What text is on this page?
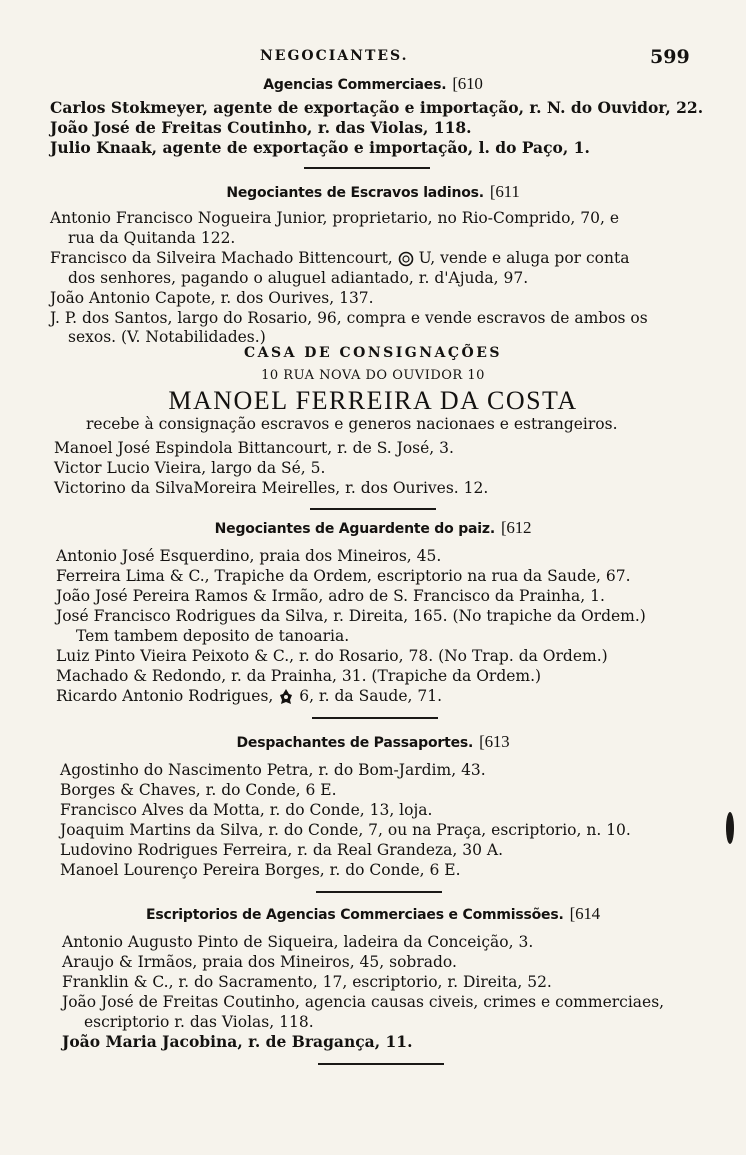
NEGOCIANTES.	599
Agencias Commerciaes. [610
Carlos Stokmeyer, agente de exportação e importação, r. N. do Ouvidor, 22.
João José de Freitas Coutinho, r. das Violas, 118.
Julio Knaak, agente de exportação e importação, l. do Paço, 1.
Negociantes de Escravos ladinos. [611
Antonio Francisco Nogueira Junior, proprietario, no Rio-Comprido, 70, e
rua da Quitanda 122.
Francisco da Silveira Machado Bittencourt, U, vende e aluga por conta
dos senhores, pagando o aluguel adiantado, r. d'Ajuda, 97.
João Antonio Capote, r. dos Ourives, 137.
J. P. dos Santos, largo do Rosario, 96, compra e vende escravos de ambos os
sexos. (V. Notabilidades.)
CASA DE CONSIGNAÇÕES
10 RUA NOVA DO OUVIDOR 10
MANOEL FERREIRA DA COSTA
recebe à consignação escravos e generos nacionaes e estrangeiros.
Manoel José Espindola Bittancourt, r. de S. José, 3.
Victor Lucio Vieira, largo da Sé, 5.
Victorino da SilvaMoreira Meirelles, r. dos Ourives. 12.
Negociantes de Aguardente do paiz. [612
Antonio José Esquerdino, praia dos Mineiros, 45.
Ferreira Lima & C., Trapiche da Ordem, escriptorio na rua da Saude, 67.
João José Pereira Ramos & Irmão, adro de S. Francisco da Prainha, 1.
José Francisco Rodrigues da Silva, r. Direita, 165. (No trapiche da Ordem.)
Tem tambem deposito de tanoaria.
Luiz Pinto Vieira Peixoto & C., r. do Rosario, 78. (No Trap. da Ordem.)
Machado & Redondo, r. da Prainha, 31. (Trapiche da Ordem.)
Ricardo Antonio Rodrigues, 6, r. da Saude, 71.
Despachantes de Passaportes. [613
Agostinho do Nascimento Petra, r. do Bom-Jardim, 43.
Borges & Chaves, r. do Conde, 6 E.
Francisco Alves da Motta, r. do Conde, 13, loja.
Joaquim Martins da Silva, r. do Conde, 7, ou na Praça, escriptorio, n. 10.
Ludovino Rodrigues Ferreira, r. da Real Grandeza, 30 A.
Manoel Lourenço Pereira Borges, r. do Conde, 6 E.
Escriptorios de Agencias Commerciaes e Commissões. [614
Antonio Augusto Pinto de Siqueira, ladeira da Conceição, 3.
Araujo & Irmãos, praia dos Mineiros, 45, sobrado.
Franklin & C., r. do Sacramento, 17, escriptorio, r. Direita, 52.
João José de Freitas Coutinho, agencia causas civeis, crimes e commerciaes,
escriptorio r. das Violas, 118.
João Maria Jacobina, r. de Bragança, 11.
